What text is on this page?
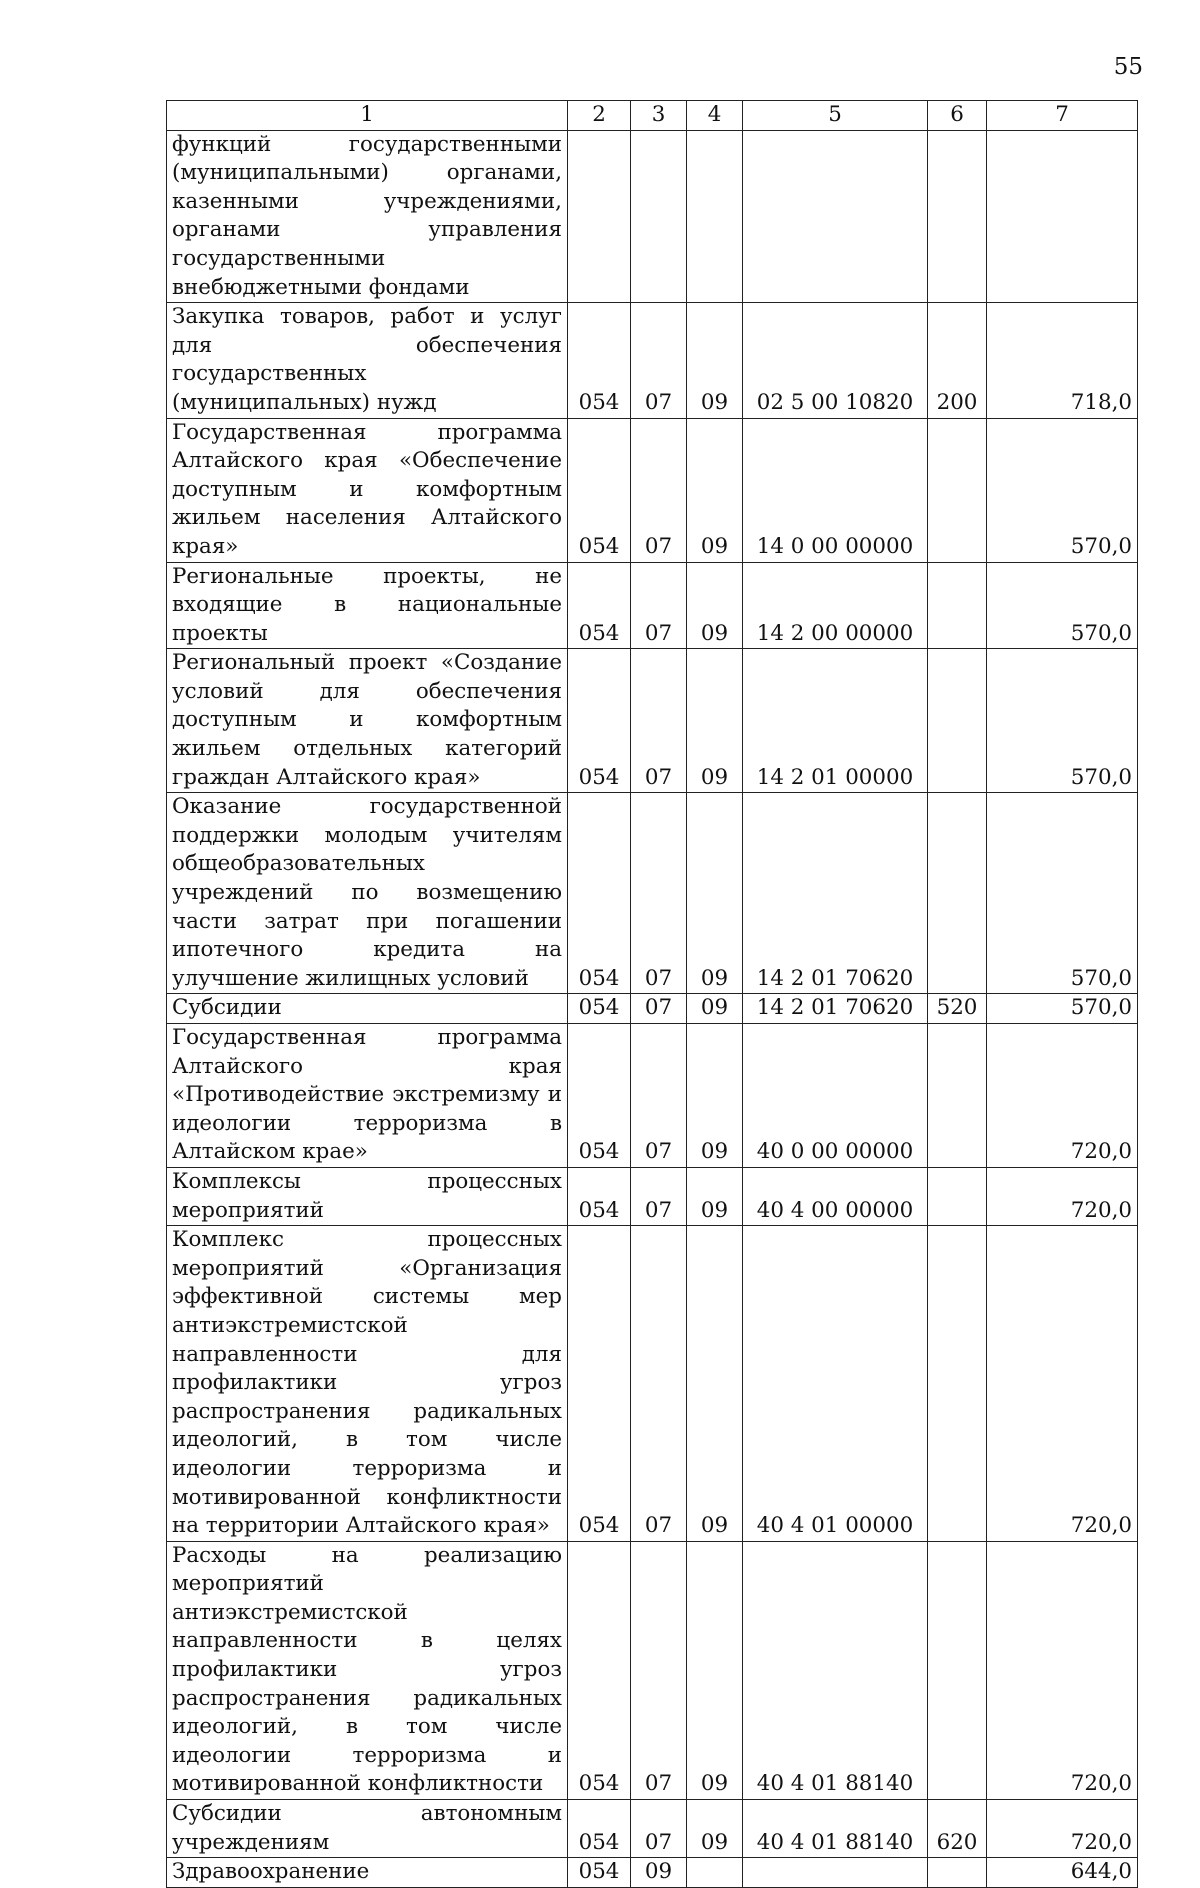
55
1	2	3	4	5	6	7
функций государственными (муниципальными) органами, казенными учреждениями, органами управления государственными внебюджетными фондами						
Закупка товаров, работ и услуг для обеспечения государственных (муниципальных) нужд	054	07	09	02 5 00 10820	200	718,0
Государственная программа Алтайского края «Обеспечение доступным и комфортным жильем населения Алтайского края»	054	07	09	14 0 00 00000		570,0
Региональные проекты, не входящие в национальные проекты	054	07	09	14 2 00 00000		570,0
Региональный проект «Создание условий для обеспечения доступным и комфортным жильем отдельных категорий граждан Алтайского края»	054	07	09	14 2 01 00000		570,0
Оказание государственной поддержки молодым учителям общеобразовательных учреждений по возмещению части затрат при погашении ипотечного кредита на улучшение жилищных условий	054	07	09	14 2 01 70620		570,0
Субсидии	054	07	09	14 2 01 70620	520	570,0
Государственная программа Алтайского края «Противодействие экстремизму и идеологии терроризма в Алтайском крае»	054	07	09	40 0 00 00000		720,0
Комплексы процессных мероприятий	054	07	09	40 4 00 00000		720,0
Комплекс процессных мероприятий «Организация эффективной системы мер антиэкстремистской направленности для профилактики угроз распространения радикальных идеологий, в том числе идеологии терроризма и мотивированной конфликтности на территории Алтайского края»	054	07	09	40 4 01 00000		720,0
Расходы на реализацию мероприятий антиэкстремистской направленности в целях профилактики угроз распространения радикальных идеологий, в том числе идеологии терроризма и мотивированной конфликтности	054	07	09	40 4 01 88140		720,0
Субсидии автономным учреждениям	054	07	09	40 4 01 88140	620	720,0
Здравоохранение	054	09				644,0
